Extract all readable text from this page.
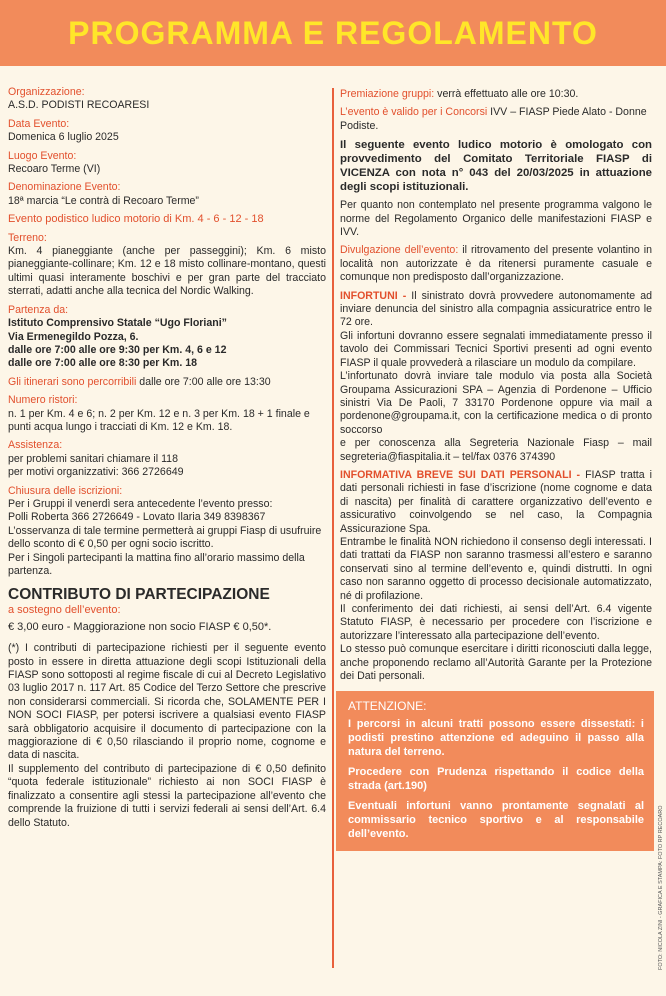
PROGRAMMA E REGOLAMENTO
Organizzazione:
A.S.D. PODISTI RECOARESI
Data Evento:
Domenica 6 luglio 2025
Luogo Evento:
Recoaro Terme (VI)
Denominazione Evento:
18ª marcia “Le contrà di Recoaro Terme”
Evento podistico ludico motorio di Km. 4 - 6 - 12 - 18
Terreno:
Km. 4 pianeggiante (anche per passeggini); Km. 6 misto pianeggiante-collinare; Km. 12 e 18 misto collinare-montano, questi ultimi quasi interamente boschivi e per gran parte del tracciato sterrati, adatti anche alla tecnica del Nordic Walking.
Partenza da:
Istituto Comprensivo Statale “Ugo Floriani”
Via Ermenegildo Pozza, 6.
dalle ore 7:00 alle ore 9:30 per Km. 4, 6 e 12
dalle ore 7:00 alle ore 8:30 per Km. 18
Gli itinerari sono percorribili dalle ore 7:00 alle ore 13:30
Numero ristori:
n. 1 per Km. 4 e 6; n. 2 per Km. 12 e n. 3 per Km. 18 + 1 finale e punti acqua lungo i tracciati di Km. 12 e Km. 18.
Assistenza:
per problemi sanitari chiamare il 118
per motivi organizzativi: 366 2726649
Chiusura delle iscrizioni:
Per i Gruppi il venerdì sera antecedente l’evento presso:
Polli Roberta 366 2726649 - Lovato Ilaria 349 8398367
L’osservanza di tale termine permetterà ai gruppi Fiasp di usufruire dello sconto di € 0,50 per ogni socio iscritto.
Per i Singoli partecipanti la mattina fino all’orario massimo della partenza.
CONTRIBUTO DI PARTECIPAZIONE
a sostegno dell’evento:
€ 3,00 euro - Maggiorazione non socio FIASP € 0,50*.
(*) I contributi di partecipazione richiesti per il seguente evento posto in essere in diretta attuazione degli scopi Istituzionali della FIASP sono sottoposti al regime fiscale di cui al Decreto Legislativo 03 luglio 2017 n. 117 Art. 85 Codice del Terzo Settore che prescrive non considerarsi commerciali. Si ricorda che, SOLAMENTE PER I NON SOCI FIASP, per potersi iscrivere a qualsiasi evento FIASP sarà obbligatorio acquisire il documento di partecipazione con la maggiorazione di € 0,50 rilasciando il proprio nome, cognome e data di nascita.
Il supplemento del contributo di partecipazione di € 0,50 definito “quota federale istituzionale” richiesto ai non SOCI FIASP è finalizzato a consentire agli stessi la partecipazione all’evento che comprende la fruizione di tutti i servizi federali ai sensi dell’Art. 6.4 dello Statuto.
Premiazione gruppi: verrà effettuato alle ore 10:30.
L’evento è valido per i Concorsi IVV – FIASP Piede Alato - Donne Podiste.
Il seguente evento ludico motorio è omologato con provvedimento del Comitato Territoriale FIASP di VICENZA con nota n° 043 del 20/03/2025 in attuazione degli scopi istituzionali.
Per quanto non contemplato nel presente programma valgono le norme del Regolamento Organico delle manifestazioni FIASP e IVV.
Divulgazione dell’evento: il ritrovamento del presente volantino in località non autorizzate è da ritenersi puramente casuale e comunque non predisposto dall’organizzazione.
INFORTUNI - Il sinistrato dovrà provvedere autonomamente ad inviare denuncia del sinistro alla compagnia assicuratrice entro le 72 ore.
Gli infortuni dovranno essere segnalati immediatamente presso il tavolo dei Commissari Tecnici Sportivi presenti ad ogni evento FIASP il quale provvederà a rilasciare un modulo da compilare.
L’infortunato dovrà inviare tale modulo via posta alla Società Groupama Assicurazioni SPA – Agenzia di Pordenone – Ufficio sinistri Via De Paoli, 7 33170 Pordenone oppure via mail a pordenone@groupama.it, con la certificazione medica o di pronto soccorso
e per conoscenza alla Segreteria Nazionale Fiasp – mail segreteria@fiaspitalia.it – tel/fax 0376 374390
INFORMATIVA BREVE SUI DATI PERSONALI - FIASP tratta i dati personali richiesti in fase d’iscrizione (nome cognome e data di nascita) per finalità di carattere organizzativo dell’evento e assicurativo coinvolgendo se nel caso, la Compagnia Assicurazione Spa.
Entrambe le finalità NON richiedono il consenso degli interessati. I dati trattati da FIASP non saranno trasmessi all’estero e saranno conservati sino al termine dell’evento e, quindi distrutti. In ogni caso non saranno oggetto di processo decisionale automatizzato, né di profilazione.
Il conferimento dei dati richiesti, ai sensi dell’Art. 6.4 vigente Statuto FIASP, è necessario per procedere con l’iscrizione e autorizzare l’interessato alla partecipazione dell’evento.
Lo stesso può comunque esercitare i diritti riconosciuti dalla legge, anche proponendo reclamo all’Autorità Garante per la Protezione dei Dati personali.
ATTENZIONE:

I percorsi in alcuni tratti possono essere dissestati: i podisti prestino attenzione ed adeguino il passo alla natura del terreno.

Procedere con Prudenza rispettando il codice della strada (art.190)

Eventuali infortuni vanno prontamente segnalati al commissario tecnico sportivo e al responsabile dell’evento.	FOTO: NICOLA ZINI - GRAFICA E STAMPA: FOTO RP RECOARO
